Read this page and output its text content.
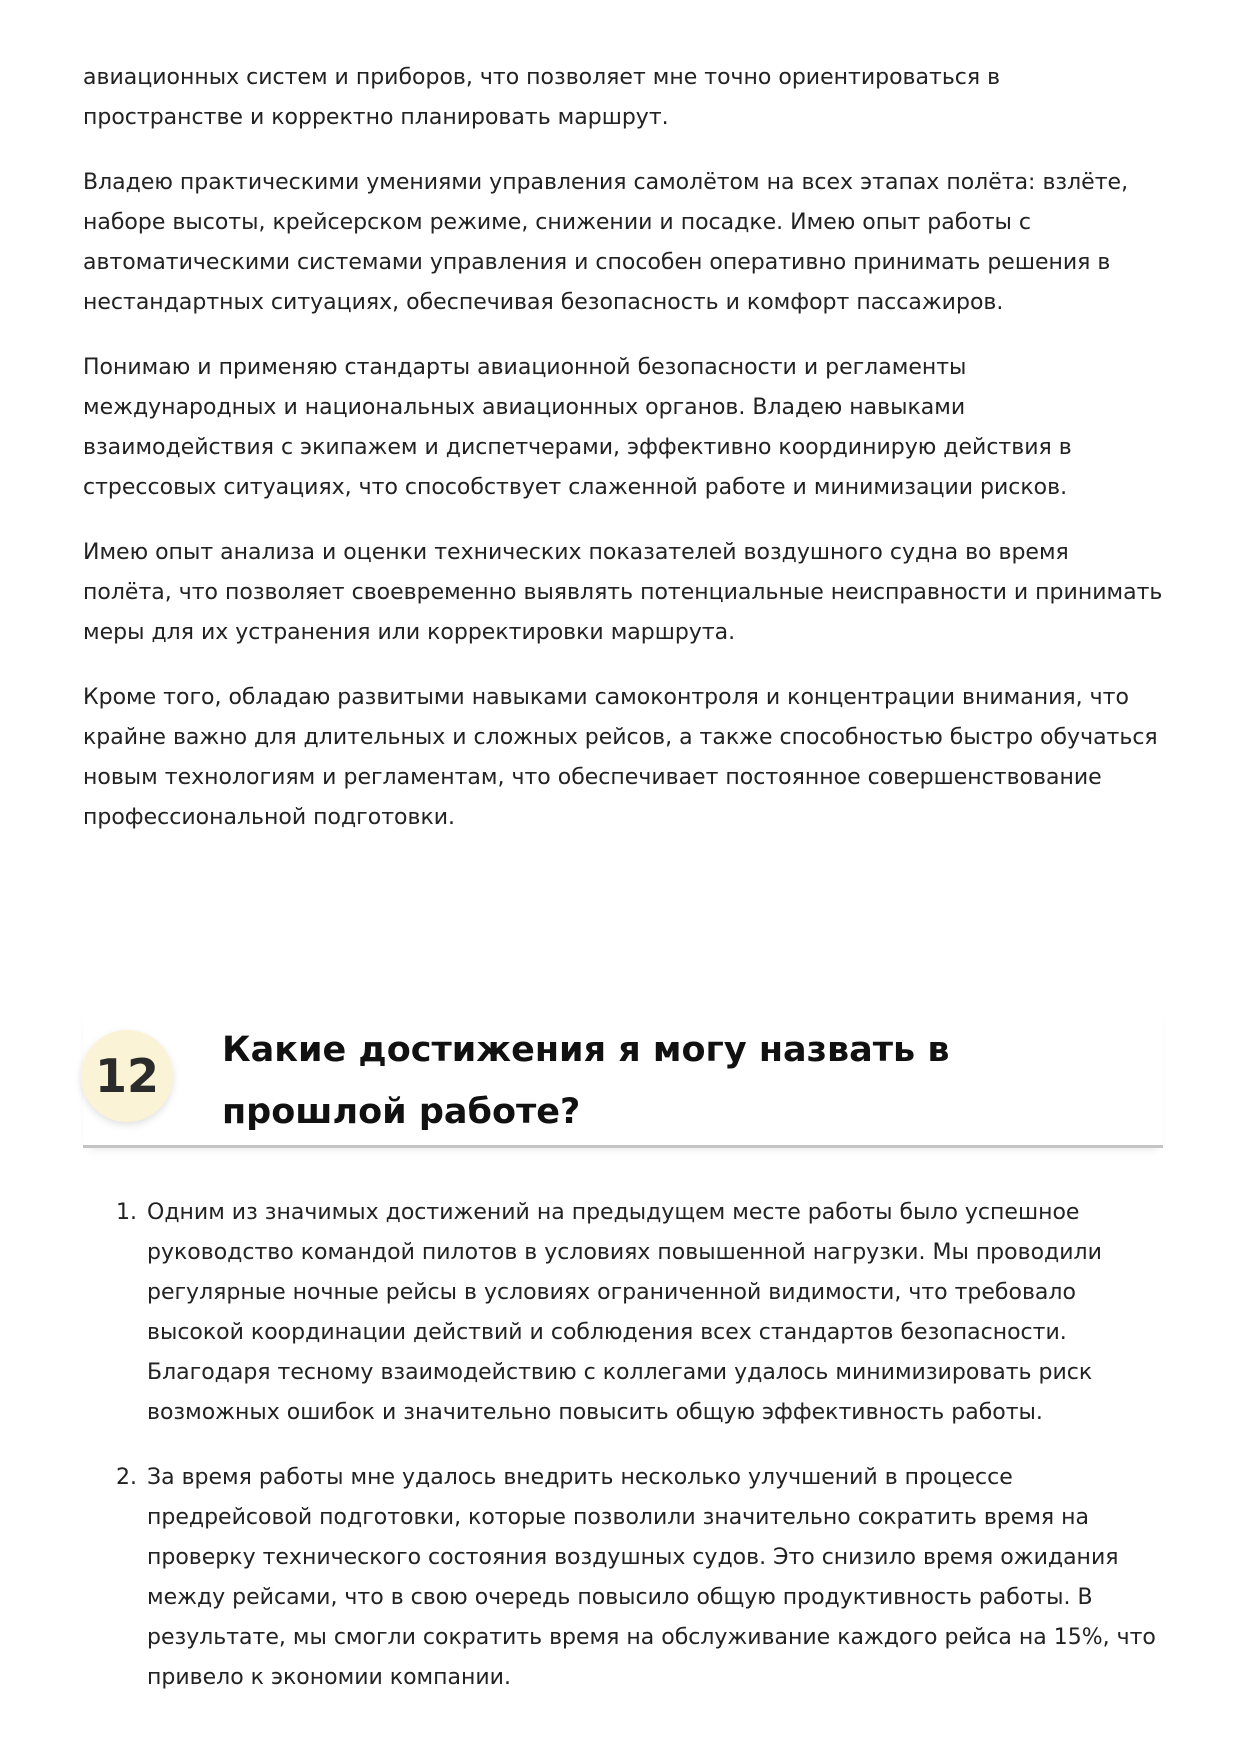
авиационных систем и приборов, что позволяет мне точно ориентироваться в пространстве и корректно планировать маршрут.

Владею практическими умениями управления самолётом на всех этапах полёта: взлёте, наборе высоты, крейсерском режиме, снижении и посадке. Имею опыт работы с автоматическими системами управления и способен оперативно принимать решения в нестандартных ситуациях, обеспечивая безопасность и комфорт пассажиров.

Понимаю и применяю стандарты авиационной безопасности и регламенты международных и национальных авиационных органов. Владею навыками взаимодействия с экипажем и диспетчерами, эффективно координирую действия в стрессовых ситуациях, что способствует слаженной работе и минимизации рисков.

Имею опыт анализа и оценки технических показателей воздушного судна во время полёта, что позволяет своевременно выявлять потенциальные неисправности и принимать меры для их устранения или корректировки маршрута.

Кроме того, обладаю развитыми навыками самоконтроля и концентрации внимания, что крайне важно для длительных и сложных рейсов, а также способностью быстро обучаться новым технологиям и регламентам, что обеспечивает постоянное совершенствование профессиональной подготовки.

12	Какие достижения я могу назвать в прошлой работе?
1. Одним из значимых достижений на предыдущем месте работы было успешное руководство командой пилотов в условиях повышенной нагрузки. Мы проводили регулярные ночные рейсы в условиях ограниченной видимости, что требовало высокой координации действий и соблюдения всех стандартов безопасности. Благодаря тесному взаимодействию с коллегами удалось минимизировать риск возможных ошибок и значительно повысить общую эффективность работы.
2. За время работы мне удалось внедрить несколько улучшений в процессе предрейсовой подготовки, которые позволили значительно сократить время на проверку технического состояния воздушных судов. Это снизило время ожидания между рейсами, что в свою очередь повысило общую продуктивность работы. В результате, мы смогли сократить время на обслуживание каждого рейса на 15%, что привело к экономии компании.
